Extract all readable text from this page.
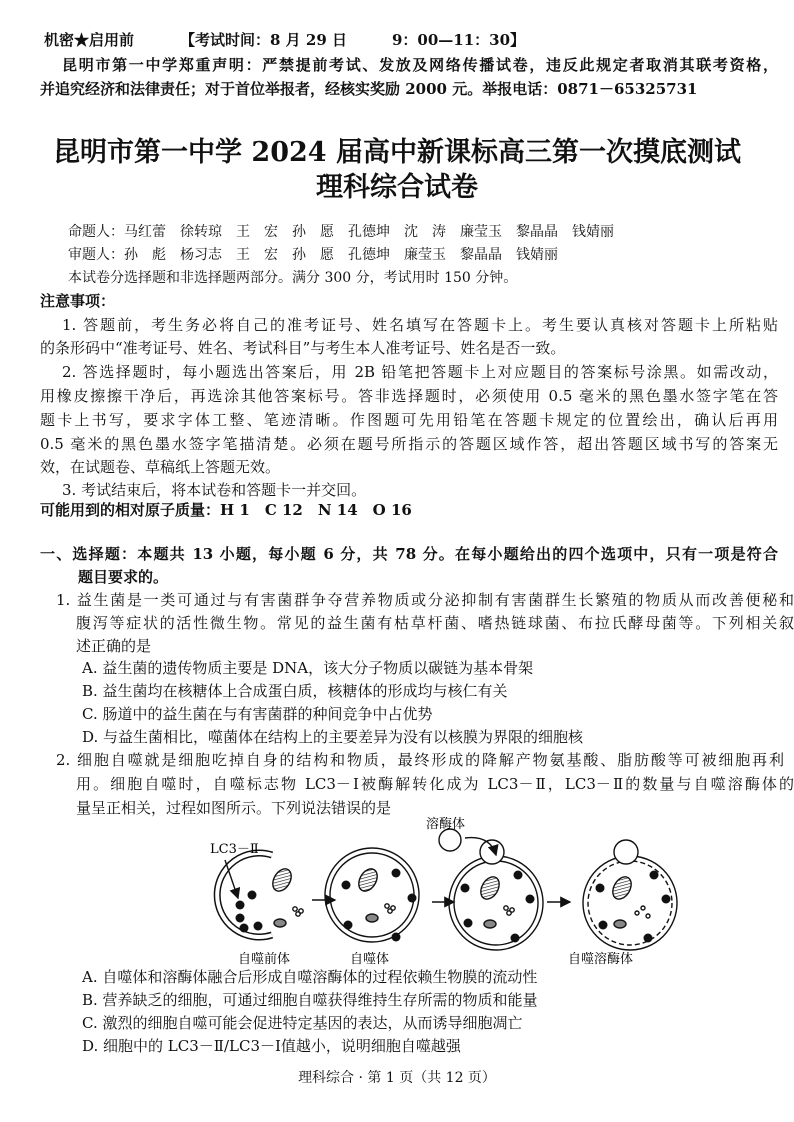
机密★启用前	【考试时间：8 月 29 日　　　9：00—11：30】
昆明市第一中学郑重声明：严禁提前考试、发放及网络传播试卷，违反此规定者取消其联考资格，
并追究经济和法律责任；对于首位举报者，经核实奖励 2000 元。举报电话：0871－65325731
昆明市第一中学 2024 届高中新课标高三第一次摸底测试
理科综合试卷
命题人：马红蕾　徐转琼　王　宏　孙　愿　孔德坤　沈　涛　廉莹玉　黎晶晶　钱婧丽
审题人：孙　彪　杨习志　王　宏　孙　愿　孔德坤　廉莹玉　黎晶晶　钱婧丽
本试卷分选择题和非选择题两部分。满分 300 分，考试用时 150 分钟。
注意事项：
1. 答题前，考生务必将自己的准考证号、姓名填写在答题卡上。考生要认真核对答题卡上所粘贴
的条形码中“准考证号、姓名、考试科目”与考生本人准考证号、姓名是否一致。
2. 答选择题时，每小题选出答案后，用 2B 铅笔把答题卡上对应题目的答案标号涂黑。如需改动，
用橡皮擦擦干净后，再选涂其他答案标号。答非选择题时，必须使用 0.5 毫米的黑色墨水签字笔在答
题卡上书写，要求字体工整、笔迹清晰。作图题可先用铅笔在答题卡规定的位置绘出，确认后再用
0.5 毫米的黑色墨水签字笔描清楚。必须在题号所指示的答题区域作答，超出答题区域书写的答案无
效，在试题卷、草稿纸上答题无效。
3. 考试结束后，将本试卷和答题卡一并交回。
可能用到的相对原子质量：H 1　C 12　N 14　O 16
一、选择题：本题共 13 小题，每小题 6 分，共 78 分。在每小题给出的四个选项中，只有一项是符合
题目要求的。
1. 益生菌是一类可通过与有害菌群争夺营养物质或分泌抑制有害菌群生长繁殖的物质从而改善便秘和
腹泻等症状的活性微生物。常见的益生菌有枯草杆菌、嗜热链球菌、布拉氏酵母菌等。下列相关叙
述正确的是
A. 益生菌的遗传物质主要是 DNA，该大分子物质以碳链为基本骨架
B. 益生菌均在核糖体上合成蛋白质，核糖体的形成均与核仁有关
C. 肠道中的益生菌在与有害菌群的种间竞争中占优势
D. 与益生菌相比，噬菌体在结构上的主要差异为没有以核膜为界限的细胞核
2. 细胞自噬就是细胞吃掉自身的结构和物质，最终形成的降解产物氨基酸、脂肪酸等可被细胞再利
用。细胞自噬时，自噬标志物 LC3－Ⅰ被酶解转化成为 LC3－Ⅱ，LC3－Ⅱ的数量与自噬溶酶体的
量呈正相关，过程如图所示。下列说法错误的是
LC3－Ⅱ
溶酶体
自噬前体	自噬体	自噬溶酶体
A. 自噬体和溶酶体融合后形成自噬溶酶体的过程依赖生物膜的流动性
B. 营养缺乏的细胞，可通过细胞自噬获得维持生存所需的物质和能量
C. 激烈的细胞自噬可能会促进特定基因的表达，从而诱导细胞凋亡
D. 细胞中的 LC3－Ⅱ/LC3－Ⅰ值越小，说明细胞自噬越强
理科综合 · 第 1 页（共 12 页）
